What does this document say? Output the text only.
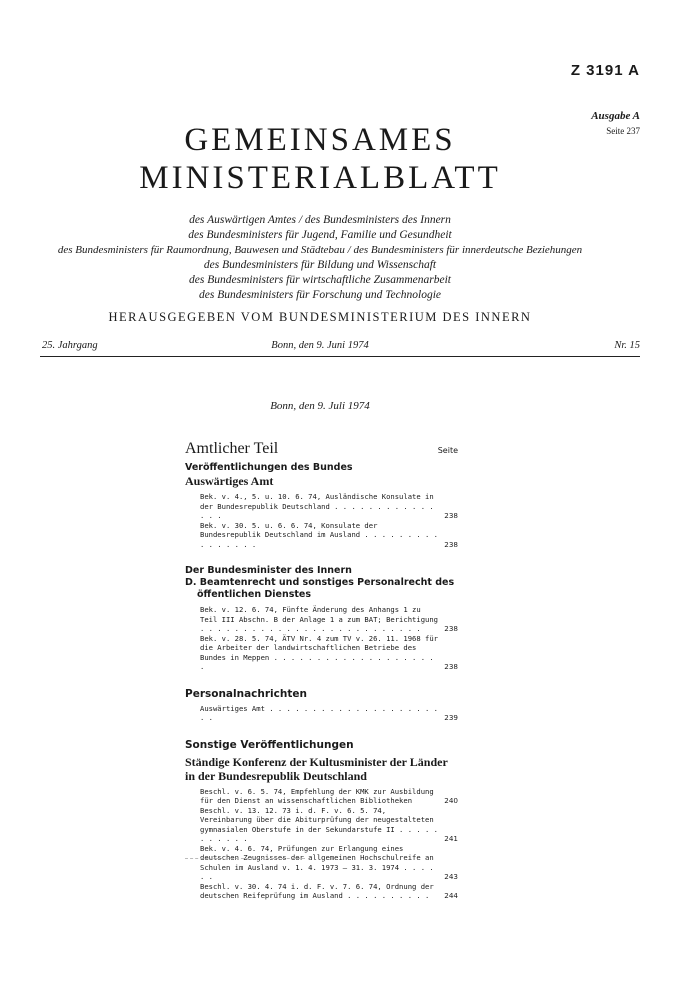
Z 3191 A
Ausgabe A
Seite 237
GEMEINSAMES
MINISTERIALBLATT
des Auswärtigen Amtes / des Bundesministers des Innern
des Bundesministers für Jugend, Familie und Gesundheit
des Bundesministers für Raumordnung, Bauwesen und Städtebau / des Bundesministers für innerdeutsche Beziehungen
des Bundesministers für Bildung und Wissenschaft
des Bundesministers für wirtschaftliche Zusammenarbeit
des Bundesministers für Forschung und Technologie
HERAUSGEGEBEN VOM BUNDESMINISTERIUM DES INNERN
25. Jahrgang	Bonn, den 9. Juni 1974	Nr. 15
Bonn, den 9. Juli 1974
Amtlicher Teil	Seite
Veröffentlichungen des Bundes
Auswärtiges Amt
Bek. v. 4., 5. u. 10. 6. 74, Ausländische Konsulate in der Bundesrepublik Deutschland . . . . . . . . . . . . . . .	238
Bek. v. 30. 5. u. 6. 6. 74, Konsulate der Bundesrepublik Deutschland im Ausland . . . . . . . . . . . . . . . .	238
Der Bundesminister des Innern
D. Beamtenrecht und sonstiges Personalrecht des öffentlichen Dienstes
Bek. v. 12. 6. 74, Fünfte Änderung des Anhangs 1 zu Teil III Abschn. B der Anlage 1 a zum BAT; Berichtigung . . . . . . . . . . . . . . . . . . . . . . . . . .	238
Bek. v. 28. 5. 74, ÄTV Nr. 4 zum TV v. 26. 11. 1968 für die Arbeiter der landwirtschaftlichen Betriebe des Bundes in Meppen . . . . . . . . . . . . . . . . . . . .	238
Personalnachrichten
Auswärtiges Amt . . . . . . . . . . . . . . . . . . . . . .	239
Sonstige Veröffentlichungen
Ständige Konferenz der Kultusminister der Länder in der Bundesrepublik Deutschland
Beschl. v. 6. 5. 74, Empfehlung der KMK zur Ausbildung für den Dienst an wissenschaftlichen Bibliotheken	240
Beschl. v. 13. 12. 73 i. d. F. v. 6. 5. 74, Vereinbarung über die Abiturprüfung der neugestalteten gymnasialen Oberstufe in der Sekundarstufe II . . . . . . . . . . .	241
Bek. v. 4. 6. 74, Prüfungen zur Erlangung eines deutschen Zeugnisses der allgemeinen Hochschulreife an Schulen im Ausland v. 1. 4. 1973 — 31. 3. 1974 . . . . . .	243
Beschl. v. 30. 4. 74 i. d. F. v. 7. 6. 74, Ordnung der deutschen Reifeprüfung im Ausland . . . . . . . . . .	244
